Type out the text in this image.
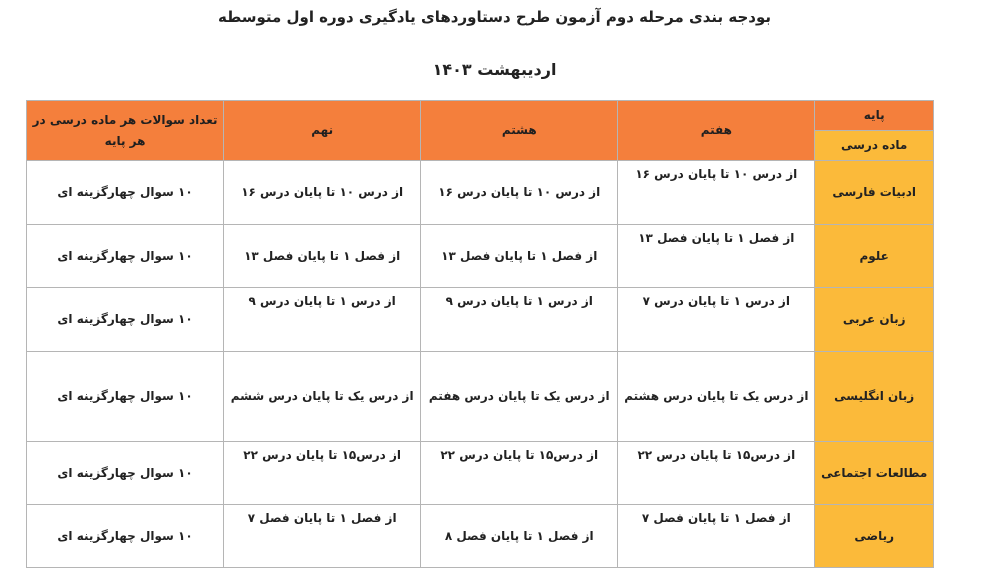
بودجه بندی مرحله دوم آزمون طرح دستاوردهای یادگیری دوره اول متوسطه
اردیبهشت ۱۴۰۳
پایه	هفتم	هشتم	نهم	تعداد سوالات هر ماده درسی در هر پایه
ماده درسی				
ادبیات فارسی	از درس ۱۰ تا پایان درس ۱۶	از درس ۱۰ تا پایان درس ۱۶	از درس ۱۰ تا پایان درس ۱۶	۱۰ سوال چهارگزینه ای
علوم	از فصل ۱ تا پایان فصل ۱۳	از فصل ۱ تا پایان فصل ۱۳	از فصل ۱ تا پایان فصل ۱۳	۱۰ سوال چهارگزینه ای
زبان عربی	از درس ۱ تا پایان درس ۷	از درس ۱ تا پایان درس ۹	از درس ۱ تا پایان درس ۹	۱۰ سوال چهارگزینه ای
زبان انگلیسی	از درس یک تا پایان درس هشتم	از درس یک تا پایان درس هفتم	از درس یک تا پایان درس ششم	۱۰ سوال چهارگزینه ای
مطالعات اجتماعی	از درس۱۵ تا پایان درس ۲۲	از درس۱۵ تا پایان درس ۲۲	از درس۱۵ تا پایان درس ۲۲	۱۰ سوال چهارگزینه ای
ریاضی	از فصل ۱ تا پایان فصل ۷	از فصل ۱ تا پایان فصل ۸	از فصل ۱ تا پایان فصل ۷	۱۰ سوال چهارگزینه ای
